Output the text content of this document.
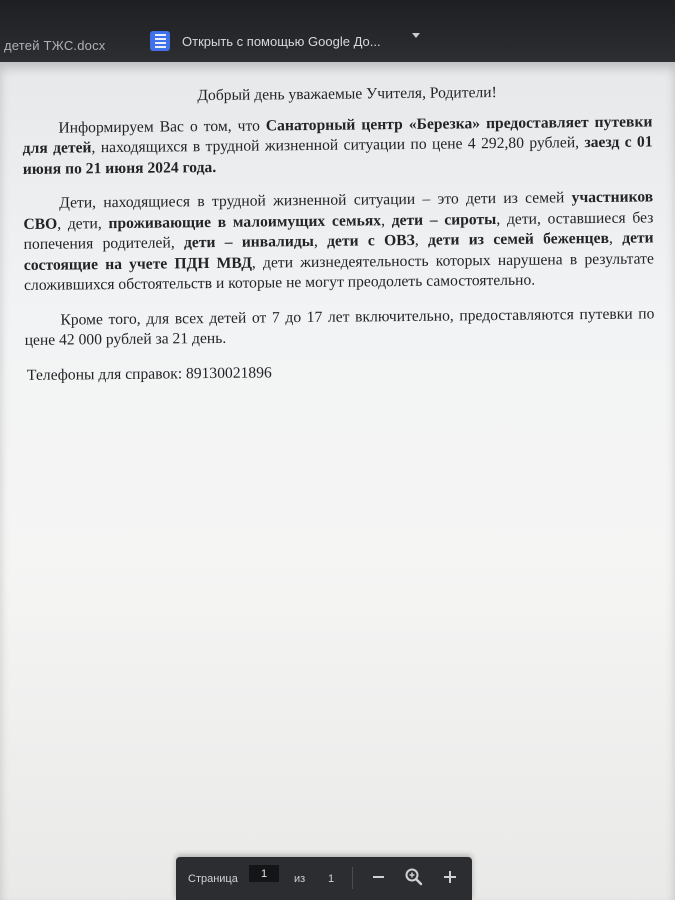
детей ТЖС.docx	Открыть с помощью Google До...

Добрый день уважаемые Учителя, Родители!

Информируем Вас о том, что Санаторный центр «Березка» предоставляет путевки для детей, находящихся в трудной жизненной ситуации по цене 4 292,80 рублей, заезд с 01 июня по 21 июня 2024 года.

Дети, находящиеся в трудной жизненной ситуации – это дети из семей участников СВО, дети, проживающие в малоимущих семьях, дети – сироты, дети, оставшиеся без попечения родителей, дети – инвалиды, дети с ОВЗ, дети из семей беженцев, дети состоящие на учете ПДН МВД, дети жизнедеятельность которых нарушена в результате сложившихся обстоятельств и которые не могут преодолеть самостоятельно.

Кроме того, для всех детей от 7 до 17 лет включительно, предоставляются путевки по цене 42 000 рублей за 21 день.

Телефоны для справок: 89130021896

Страница	из 1
1
